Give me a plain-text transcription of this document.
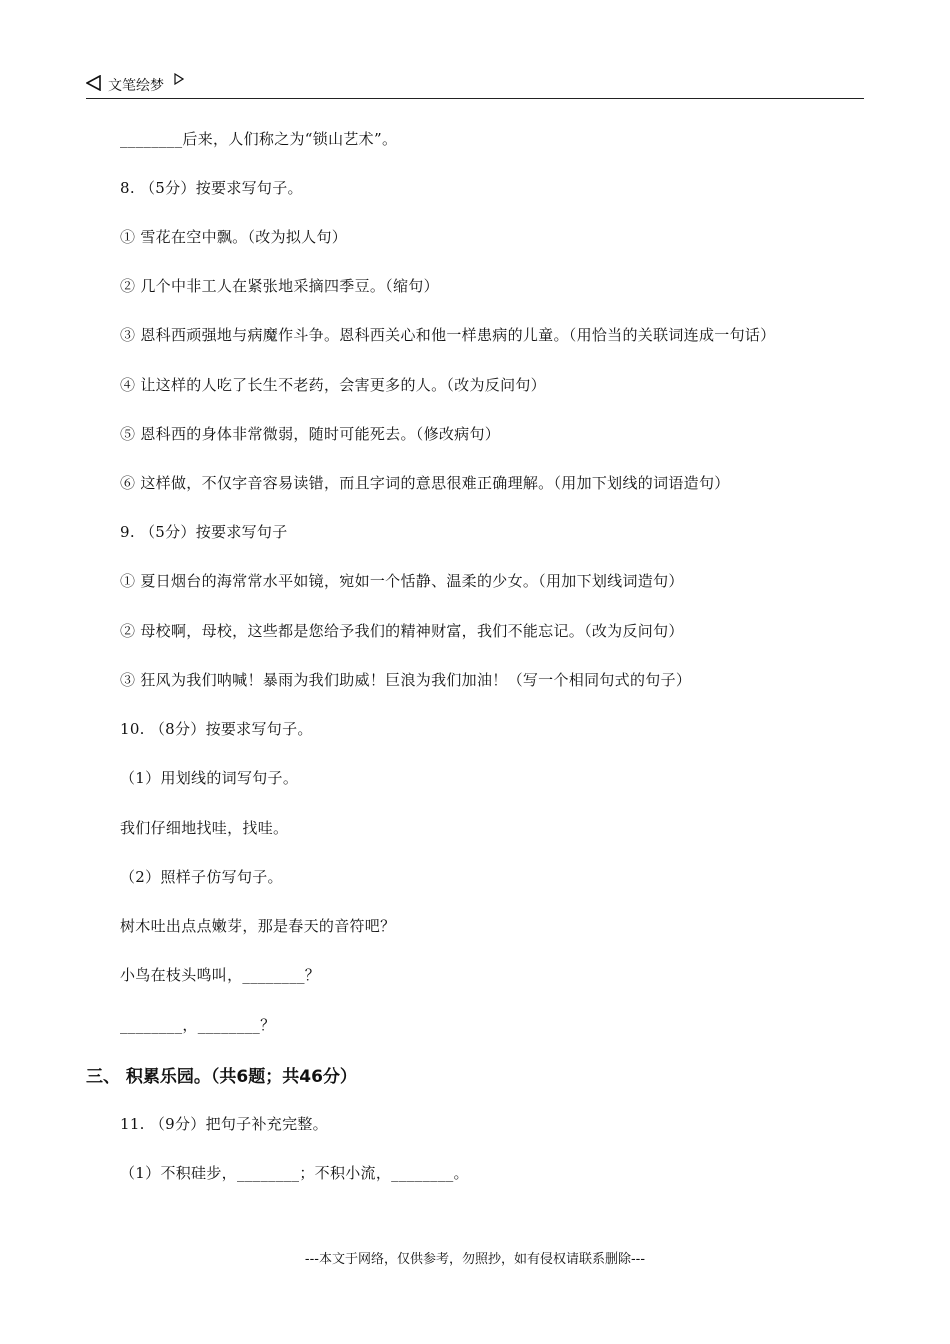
文笔绘梦
________后来，人们称之为“锁山艺术”。
8. （5分）按要求写句子。
① 雪花在空中飘。（改为拟人句）
② 几个中非工人在紧张地采摘四季豆。（缩句）
③ 恩科西顽强地与病魔作斗争。恩科西关心和他一样患病的儿童。（用恰当的关联词连成一句话）
④ 让这样的人吃了长生不老药，会害更多的人。（改为反问句）
⑤ 恩科西的身体非常微弱，随时可能死去。（修改病句）
⑥ 这样做，不仅字音容易读错，而且字词的意思很难正确理解。（用加下划线的词语造句）
9. （5分）按要求写句子
① 夏日烟台的海常常水平如镜，宛如一个恬静、温柔的少女。（用加下划线词造句）
② 母校啊，母校，这些都是您给予我们的精神财富，我们不能忘记。（改为反问句）
③ 狂风为我们呐喊！暴雨为我们助威！巨浪为我们加油！（写一个相同句式的句子）
10. （8分）按要求写句子。
（1）用划线的词写句子。
我们仔细地找哇，找哇。
（2）照样子仿写句子。
树木吐出点点嫩芽，那是春天的音符吧？
小鸟在枝头鸣叫，________？
________，________？
三、 积累乐园。（共6题；共46分）
11. （9分）把句子补充完整。
（1）不积硅步，________；不积小流，________。
---本文于网络，仅供参考，勿照抄，如有侵权请联系删除---
